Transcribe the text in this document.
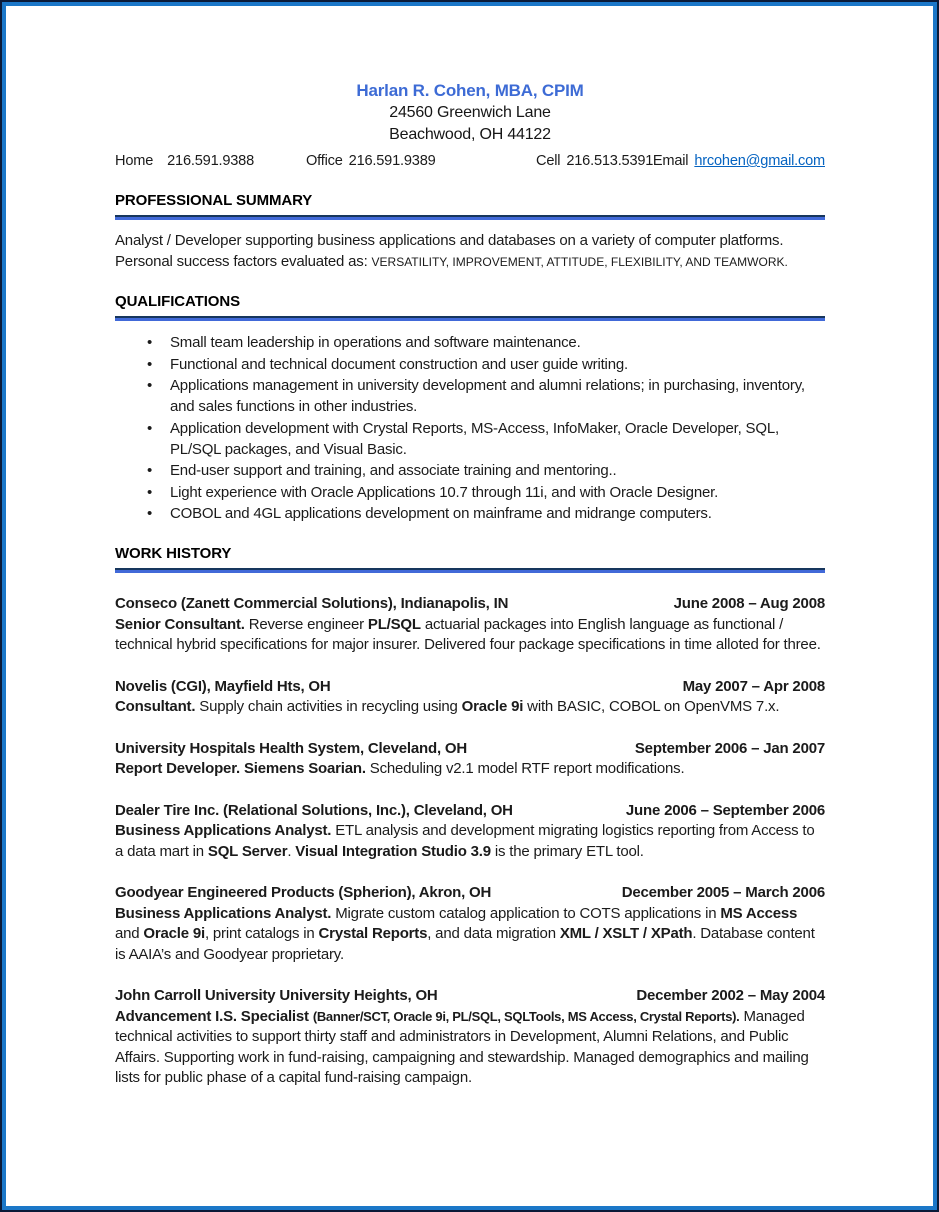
Harlan R. Cohen, MBA, CPIM
24560 Greenwich Lane
Beachwood, OH 44122
Home 216.591.9388	Office 216.591.9389	Cell 216.513.5391 Email hrcohen@gmail.com
PROFESSIONAL SUMMARY

Analyst / Developer supporting business applications and databases on a variety of computer platforms. Personal success factors evaluated as: VERSATILITY, IMPROVEMENT, ATTITUDE, FLEXIBILITY, AND TEAMWORK.

QUALIFICATIONS
• Small team leadership in operations and software maintenance.
• Functional and technical document construction and user guide writing.
• Applications management in university development and alumni relations; in purchasing, inventory, and sales functions in other industries.
• Application development with Crystal Reports, MS-Access, InfoMaker, Oracle Developer, SQL, PL/SQL packages, and Visual Basic.
• End-user support and training, and associate training and mentoring..
• Light experience with Oracle Applications 10.7 through 11i, and with Oracle Designer.
• COBOL and 4GL applications development on mainframe and midrange computers.
WORK HISTORY
Conseco (Zanett Commercial Solutions), Indianapolis, IN	June 2008 – Aug 2008
Senior Consultant. Reverse engineer PL/SQL actuarial packages into English language as functional / technical hybrid specifications for major insurer. Delivered four package specifications in time alloted for three.
Novelis (CGI), Mayfield Hts, OH	May 2007 – Apr 2008
Consultant. Supply chain activities in recycling using Oracle 9i with BASIC, COBOL on OpenVMS 7.x.
University Hospitals Health System, Cleveland, OH	September 2006 – Jan 2007
Report Developer. Siemens Soarian. Scheduling v2.1 model RTF report modifications.
Dealer Tire Inc. (Relational Solutions, Inc.), Cleveland, OH	June 2006 – September 2006
Business Applications Analyst. ETL analysis and development migrating logistics reporting from Access to a data mart in SQL Server. Visual Integration Studio 3.9 is the primary ETL tool.
Goodyear Engineered Products (Spherion), Akron, OH	December 2005 – March 2006
Business Applications Analyst. Migrate custom catalog application to COTS applications in MS Access and Oracle 9i, print catalogs in Crystal Reports, and data migration XML / XSLT / XPath. Database content is AAIA’s and Goodyear proprietary.
John Carroll University University Heights, OH	December 2002 – May 2004
Advancement I.S. Specialist (Banner/SCT, Oracle 9i, PL/SQL, SQLTools, MS Access, Crystal Reports). Managed technical activities to support thirty staff and administrators in Development, Alumni Relations, and Public Affairs. Supporting work in fund-raising, campaigning and stewardship. Managed demographics and mailing lists for public phase of a capital fund-raising campaign.
